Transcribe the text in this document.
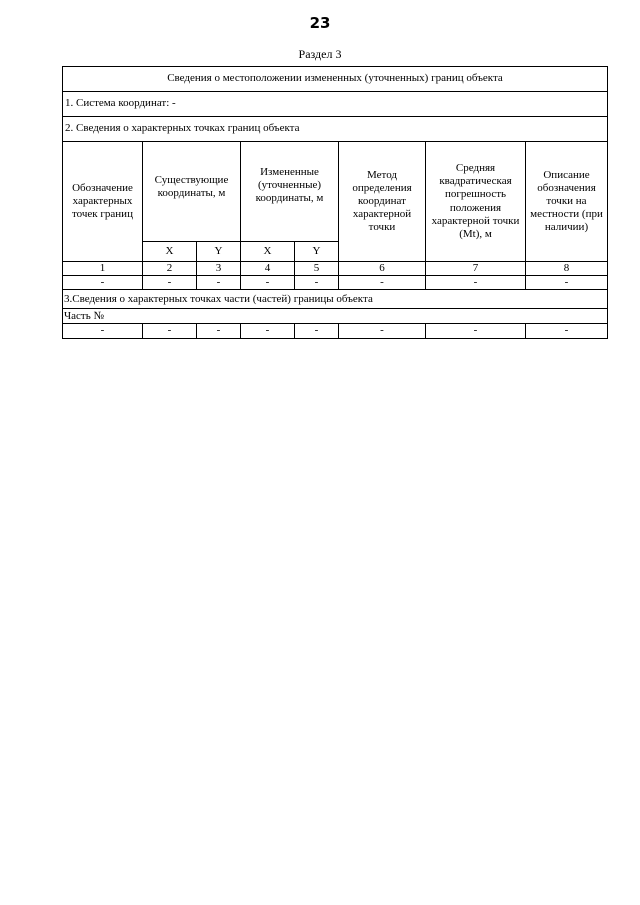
23
Раздел 3
Сведения о местоположении измененных (уточненных) границ объекта							
1. Система координат: -							
2. Сведения о характерных точках границ объекта							
Обозначение характерных точек границ	Существующие координаты, м		Измененные (уточненные) координаты, м		Метод определения координат характерной точки	Средняя квадратическая погрешность положения характерной точки (Mt), м	Описание обозначения точки на местности (при наличии)
	X	Y	X	Y			
1	2	3	4	5	6	7	8
-	-	-	-	-	-	-	-
3.Сведения о характерных точках части (частей) границы объекта							
Часть №							
-	-	-	-	-	-	-	-
